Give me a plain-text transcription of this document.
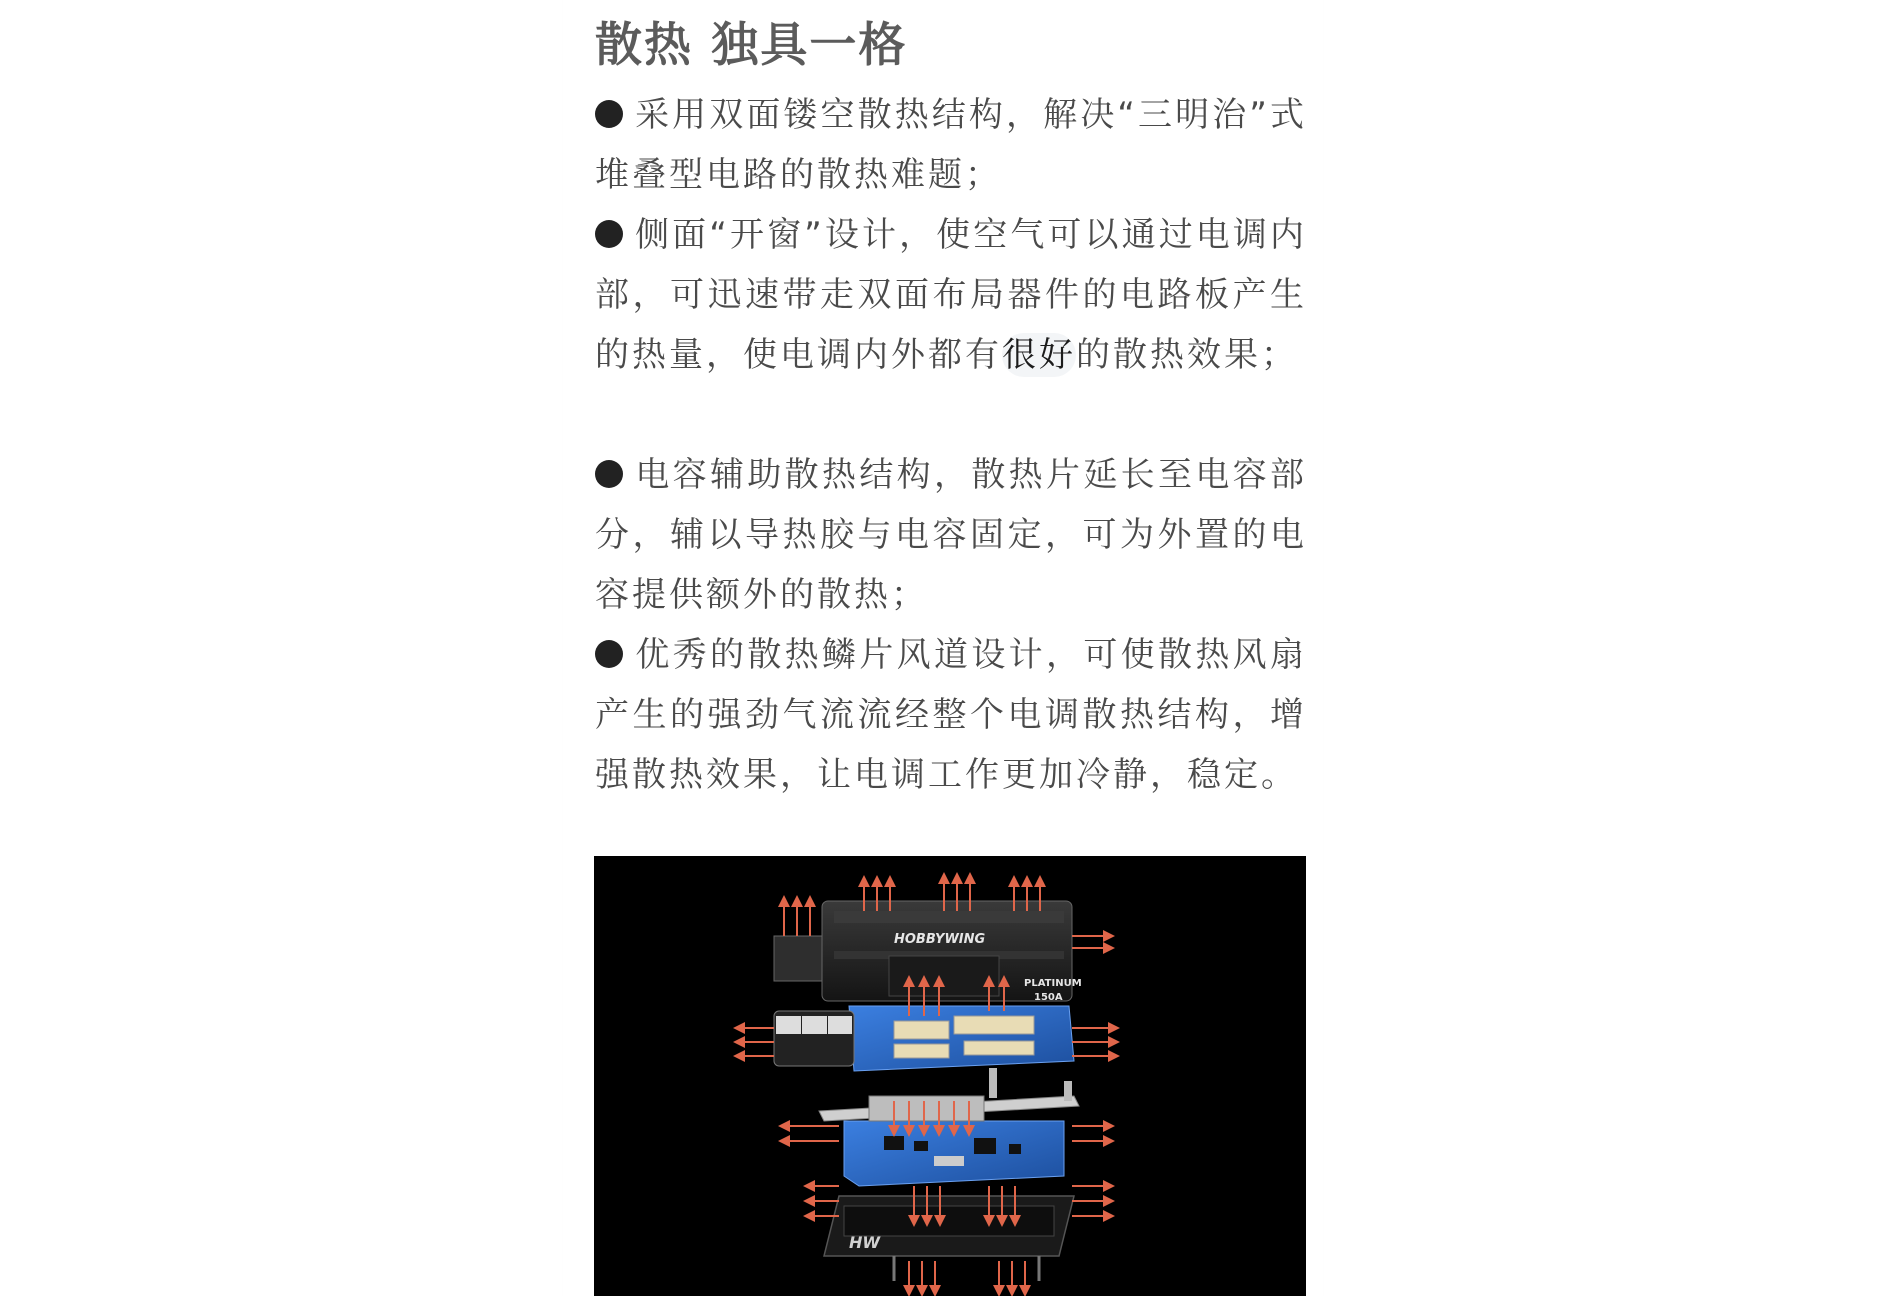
散热 独具一格

采用双面镂空散热结构，解决“三明治”式堆叠型电路的散热难题；

侧面“开窗”设计，使空气可以通过电调内部，可迅速带走双面布局器件的电路板产生的热量，使电调内外都有很好的散热效果；

电容辅助散热结构，散热片延长至电容部分，辅以导热胶与电容固定，可为外置的电容提供额外的散热；

优秀的散热鳞片风道设计，可使散热风扇产生的强劲气流流经整个电调散热结构，增强散热效果，让电调工作更加冷静，稳定。

HW
HOBBYWING
PLATINUM
150A
